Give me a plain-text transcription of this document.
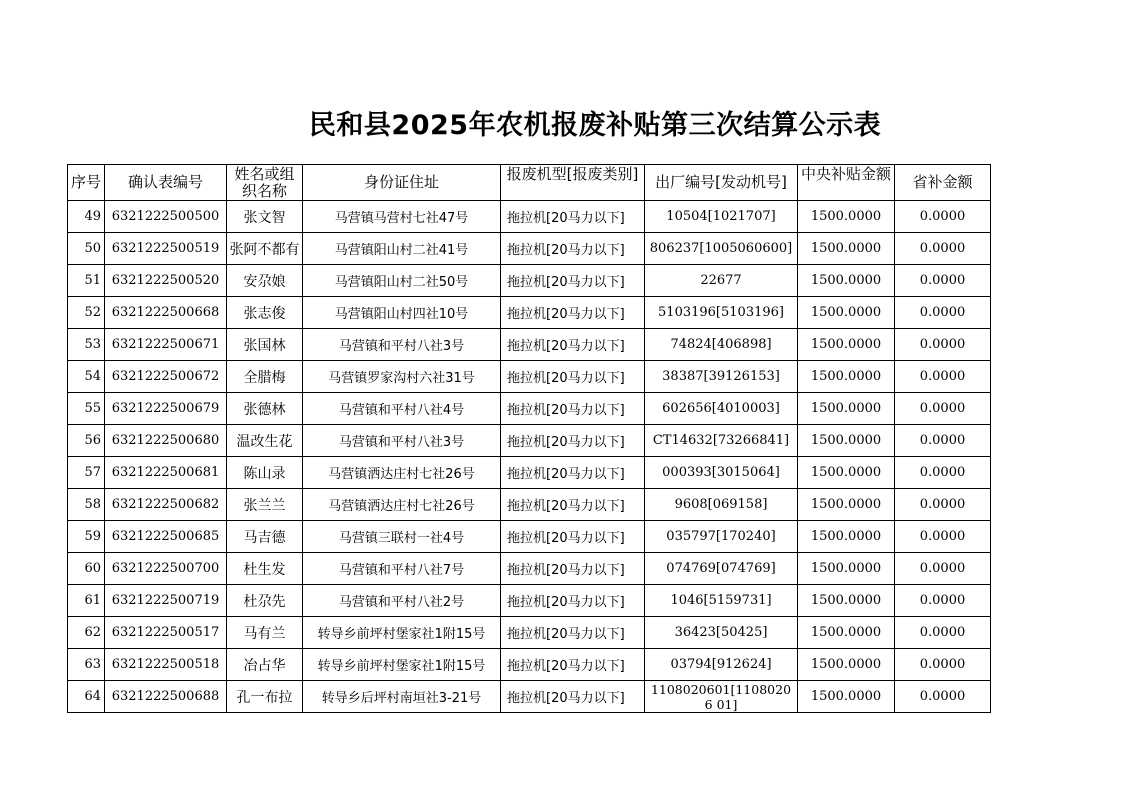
民和县2025年农机报废补贴第三次结算公示表
序号	确认表编号	姓名或组织名称	身份证住址	报废机型[报废类别]	出厂编号[发动机号]	中央补贴金额	省补金额
49	6321222500500	张文智	马营镇马营村七社47号	拖拉机[20马力以下]	10504[1021707]	1500.0000	0.0000
50	6321222500519	张阿不都有	马营镇阳山村二社41号	拖拉机[20马力以下]	806237[1005060600]	1500.0000	0.0000
51	6321222500520	安尕娘	马营镇阳山村二社50号	拖拉机[20马力以下]	22677	1500.0000	0.0000
52	6321222500668	张志俊	马营镇阳山村四社10号	拖拉机[20马力以下]	5103196[5103196]	1500.0000	0.0000
53	6321222500671	张国林	马营镇和平村八社3号	拖拉机[20马力以下]	74824[406898]	1500.0000	0.0000
54	6321222500672	全腊梅	马营镇罗家沟村六社31号	拖拉机[20马力以下]	38387[39126153]	1500.0000	0.0000
55	6321222500679	张德林	马营镇和平村八社4号	拖拉机[20马力以下]	602656[4010003]	1500.0000	0.0000
56	6321222500680	温改生花	马营镇和平村八社3号	拖拉机[20马力以下]	CT14632[73266841]	1500.0000	0.0000
57	6321222500681	陈山录	马营镇洒达庄村七社26号	拖拉机[20马力以下]	000393[3015064]	1500.0000	0.0000
58	6321222500682	张兰兰	马营镇洒达庄村七社26号	拖拉机[20马力以下]	9608[069158]	1500.0000	0.0000
59	6321222500685	马吉德	马营镇三联村一社4号	拖拉机[20马力以下]	035797[170240]	1500.0000	0.0000
60	6321222500700	杜生发	马营镇和平村八社7号	拖拉机[20马力以下]	074769[074769]	1500.0000	0.0000
61	6321222500719	杜尕先	马营镇和平村八社2号	拖拉机[20马力以下]	1046[5159731]	1500.0000	0.0000
62	6321222500517	马有兰	转导乡前坪村堡家社1附15号	拖拉机[20马力以下]	36423[50425]	1500.0000	0.0000
63	6321222500518	冶占华	转导乡前坪村堡家社1附15号	拖拉机[20马力以下]	03794[912624]	1500.0000	0.0000
64	6321222500688	孔一布拉	转导乡后坪村南垣社3-21号	拖拉机[20马力以下]	1108020601[11080206 01]	1500.0000	0.0000
